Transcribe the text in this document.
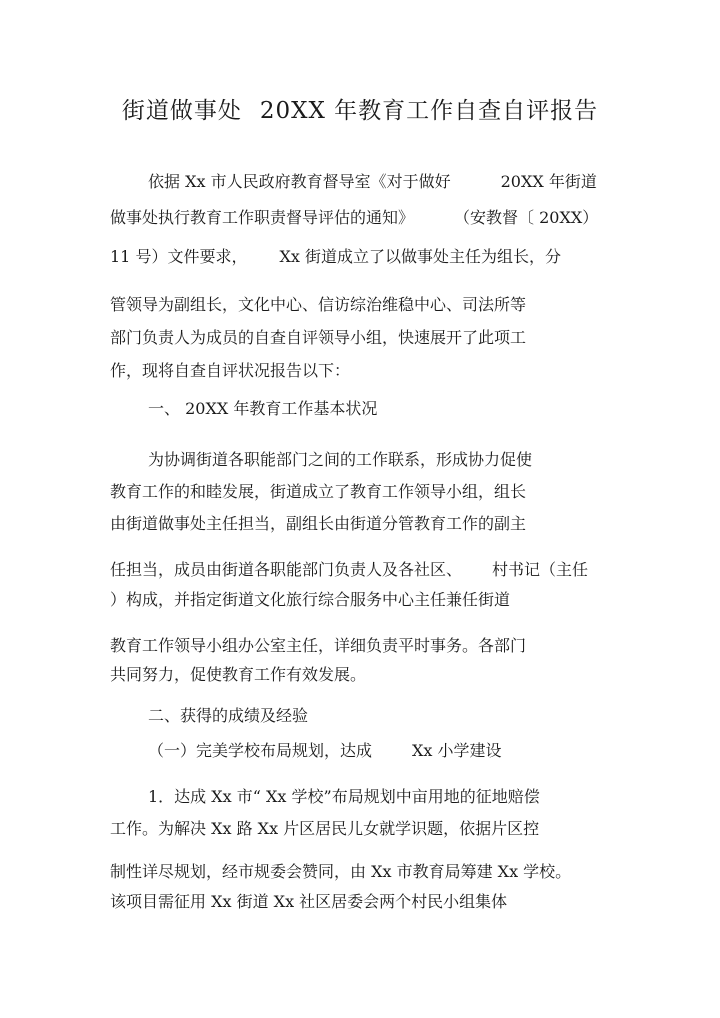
街道做事处 20XX 年教育工作自查自评报告
依据 Xx 市人民政府教育督导室《对于做好	20XX 年街道
做事处执行教育工作职责督导评估的通知》	（安教督〔 20XX）
11 号）文件要求， Xx 街道成立了以做事处主任为组长，分
管领导为副组长，文化中心、信访综治维稳中心、司法所等
部门负责人为成员的自查自评领导小组，快速展开了此项工
作，现将自查自评状况报告以下：
一、 20XX 年教育工作基本状况
为协调街道各职能部门之间的工作联系，形成协力促使
教育工作的和睦发展，街道成立了教育工作领导小组，组长
由街道做事处主任担当，副组长由街道分管教育工作的副主
任担当，成员由街道各职能部门负责人及各社区、 村书记（主任
）构成，并指定街道文化旅行综合服务中心主任兼任街道
教育工作领导小组办公室主任，详细负责平时事务。各部门
共同努力，促使教育工作有效发展。
二、获得的成绩及经验
（一）完美学校布局规划，达成	Xx 小学建设
1．达成 Xx 市“ Xx 学校”布局规划中亩用地的征地赔偿
工作。为解决 Xx 路 Xx 片区居民儿女就学识题，依据片区控
制性详尽规划，经市规委会赞同，由 Xx 市教育局筹建 Xx 学校。
该项目需征用 Xx 街道 Xx 社区居委会两个村民小组集体
